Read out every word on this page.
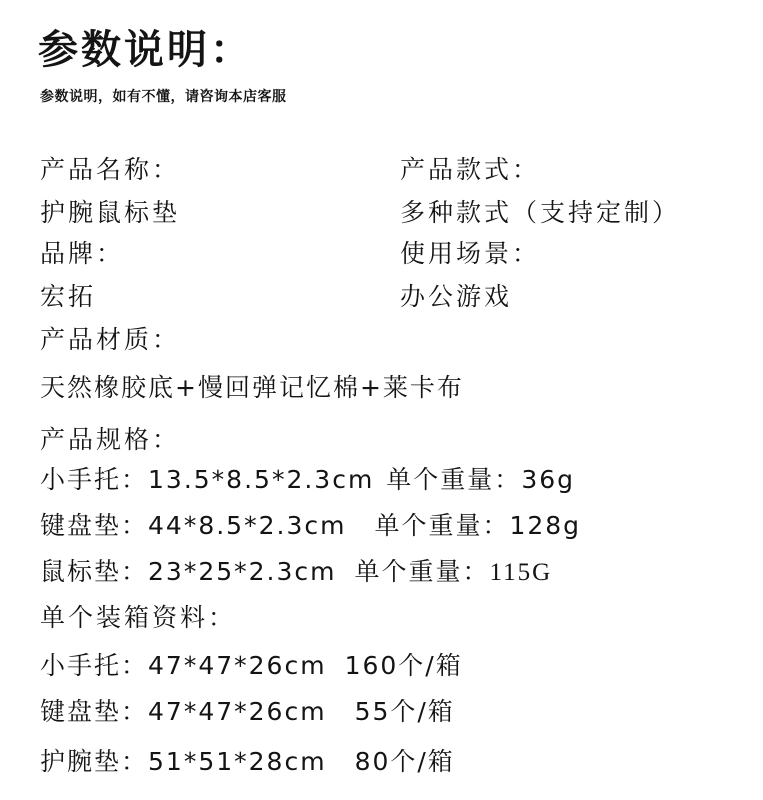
参数说明：
参数说明，如有不懂，请咨询本店客服
产品名称：	产品款式：
护腕鼠标垫	多种款式（支持定制）
品牌：	使用场景：
宏拓	办公游戏
产品材质：
天然橡胶底+慢回弹记忆棉+莱卡布
产品规格：
小手托：13.5*8.5*2.3cm 单个重量：36g
键盘垫：44*8.5*2.3cm 单个重量：128g
鼠标垫：23*25*2.3cm 单个重量：115G
单个装箱资料：
小手托：47*47*26cm 160个/箱
键盘垫：47*47*26cm 55个/箱
护腕垫：51*51*28cm 80个/箱
